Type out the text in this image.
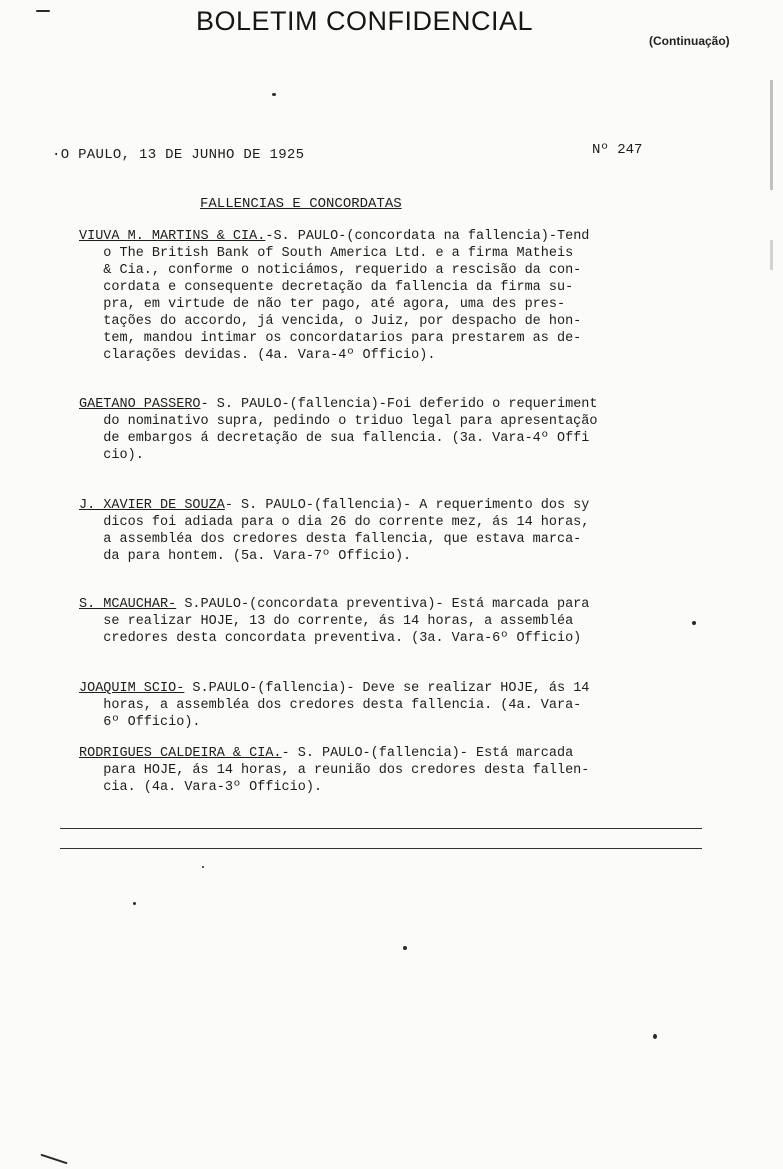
BOLETIM CONFIDENCIAL
(Continuação)
·O PAULO, 13 DE JUNHO DE 1925	Nº 247
FALLENCIAS E CONCORDATAS

VIUVA M. MARTINS & CIA.-S. PAULO-(concordata na fallencia)-Tend
o The British Bank of South America Ltd. e a firma Matheis
& Cia., conforme o noticiámos, requerido a rescisão da con-
cordata e consequente decretação da fallencia da firma su-
pra, em virtude de não ter pago, até agora, uma des pres-
tações do accordo, já vencida, o Juiz, por despacho de hon-
tem, mandou intimar os concordatarios para prestarem as de-
clarações devidas. (4a. Vara-4º Officio).

GAETANO PASSERO- S. PAULO-(fallencia)-Foi deferido o requeriment
do nominativo supra, pedindo o triduo legal para apresentação
de embargos á decretação de sua fallencia. (3a. Vara-4º Offi
cio).

J. XAVIER DE SOUZA- S. PAULO-(fallencia)- A requerimento dos sy
dicos foi adiada para o dia 26 do corrente mez, ás 14 horas,
a assembléa dos credores desta fallencia, que estava marca-
da para hontem. (5a. Vara-7º Officio).

S. MCAUCHAR- S.PAULO-(concordata preventiva)- Está marcada para
se realizar HOJE, 13 do corrente, ás 14 horas, a assembléa
credores desta concordata preventiva. (3a. Vara-6º Officio)

JOAQUIM SCIO- S.PAULO-(fallencia)- Deve se realizar HOJE, ás 14
horas, a assembléa dos credores desta fallencia. (4a. Vara-
6º Officio).

RODRIGUES CALDEIRA & CIA.- S. PAULO-(fallencia)- Está marcada
para HOJE, ás 14 horas, a reunião dos credores desta fallen-
cia. (4a. Vara-3º Officio).
